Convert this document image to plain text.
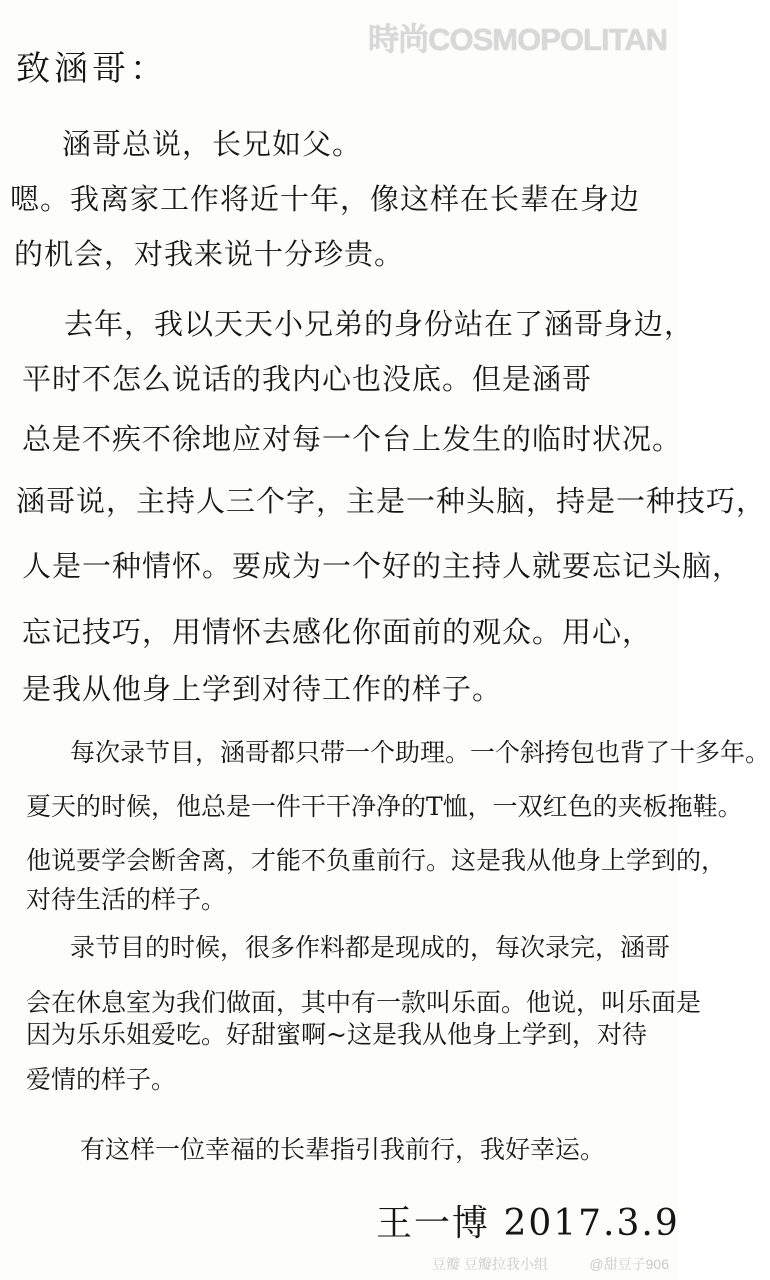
時尚COSMOPOLITAN
致涵哥：
涵哥总说，长兄如父。
嗯。我离家工作将近十年，像这样在长辈在身边
的机会，对我来说十分珍贵。
去年，我以天天小兄弟的身份站在了涵哥身边，
平时不怎么说话的我内心也没底。但是涵哥
总是不疾不徐地应对每一个台上发生的临时状况。
涵哥说，主持人三个字，主是一种头脑，持是一种技巧，
人是一种情怀。要成为一个好的主持人就要忘记头脑，
忘记技巧，用情怀去感化你面前的观众。用心，
是我从他身上学到对待工作的样子。
每次录节目，涵哥都只带一个助理。一个斜挎包也背了十多年。
夏天的时候，他总是一件干干净净的T恤，一双红色的夹板拖鞋。
他说要学会断舍离，才能不负重前行。这是我从他身上学到的，
对待生活的样子。
录节目的时候，很多作料都是现成的，每次录完，涵哥
会在休息室为我们做面，其中有一款叫乐面。他说，叫乐面是
因为乐乐姐爱吃。好甜蜜啊~这是我从他身上学到，对待
爱情的样子。
有这样一位幸福的长辈指引我前行，我好幸运。
王一博 2017.3.9
豆瓣 豆瓣拉我小组	@甜豆子906
